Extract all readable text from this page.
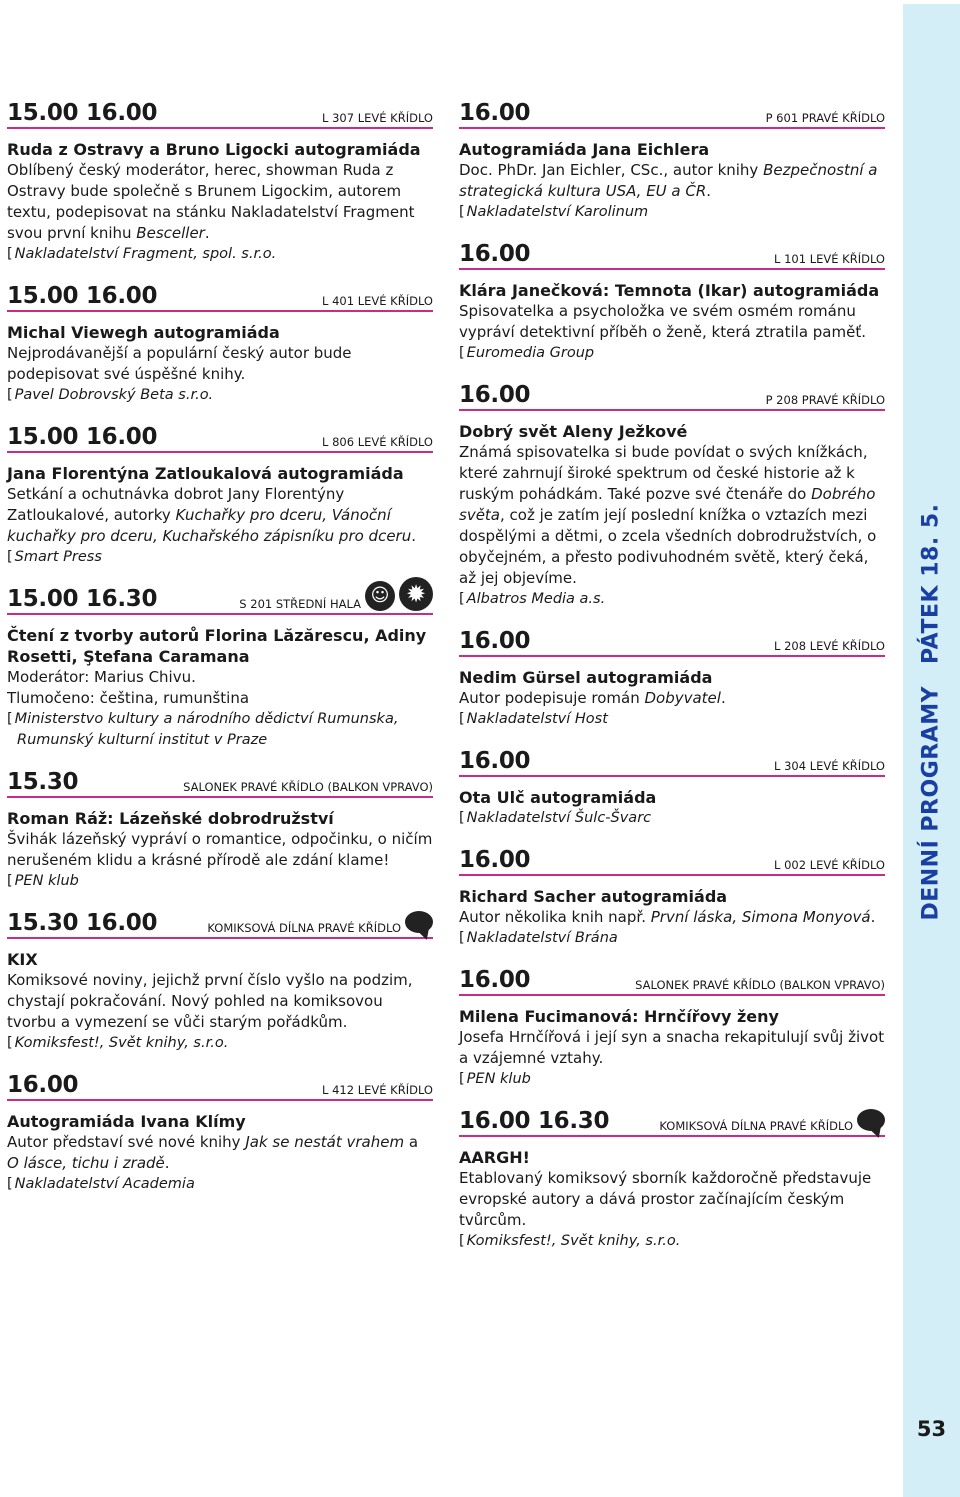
15.00 16.00	L 307 LEVÉ KŘÍDLO
Ruda z Ostravy a Bruno Ligocki autogramiáda
Oblíbený český moderátor, herec, showman Ruda z Ostravy bude společně s Brunem Ligockim, autorem textu, podepisovat na stánku Nakladatelství Fragment svou první knihu Besceller.
[ Nakladatelství Fragment, spol. s.r.o.
15.00 16.00	L 401 LEVÉ KŘÍDLO
Michal Viewegh autogramiáda
Nejprodávanější a populární český autor bude podepisovat své úspěšné knihy.
[ Pavel Dobrovský Beta s.r.o.
15.00 16.00	L 806 LEVÉ KŘÍDLO
Jana Florentýna Zatloukalová autogramiáda
Setkání a ochutnávka dobrot Jany Florentýny Zatloukalové, autorky Kuchařky pro dceru, Vánoční kuchařky pro dceru, Kuchařského zápisníku pro dceru.
[ Smart Press
15.00 16.30	S 201 STŘEDNÍ HALA ☺ ✹
Čtení z tvorby autorů Florina Lăzărescu, Adiny Rosetti, Ştefana Caramana
Moderátor: Marius Chivu.
Tlumočeno: čeština, rumunština
[ Ministerstvo kultury a národního dědictví Rumunska,
Rumunský kulturní institut v Praze
15.30	SALONEK PRAVÉ KŘÍDLO (BALKON VPRAVO)
Roman Ráž: Lázeňské dobrodružství
Švihák lázeňský vypráví o romantice, odpočinku, o ničím nerušeném klidu a krásné přírodě ale zdání klame!
[ PEN klub
15.30 16.00	KOMIKSOVÁ DÍLNA PRAVÉ KŘÍDLO
KIX
Komiksové noviny, jejichž první číslo vyšlo na podzim, chystají pokračování. Nový pohled na komiksovou tvorbu a vymezení se vůči starým pořádkům.
[ Komiksfest!, Svět knihy, s.r.o.
16.00	L 412 LEVÉ KŘÍDLO
Autogramiáda Ivana Klímy
Autor představí své nové knihy Jak se nestát vrahem a O lásce, tichu i zradě.
[ Nakladatelství Academia
16.00	P 601 PRAVÉ KŘÍDLO
Autogramiáda Jana Eichlera
Doc. PhDr. Jan Eichler, CSc., autor knihy Bezpečnostní a strategická kultura USA, EU a ČR.
[ Nakladatelství Karolinum
16.00	L 101 LEVÉ KŘÍDLO
Klára Janečková: Temnota (Ikar) autogramiáda
Spisovatelka a psycholožka ve svém osmém románu vypráví detektivní příběh o ženě, která ztratila paměť.
[ Euromedia Group
16.00	P 208 PRAVÉ KŘÍDLO
Dobrý svět Aleny Ježkové
Známá spisovatelka si bude povídat o svých knížkách, které zahrnují široké spektrum od české historie až k ruským pohádkám. Také pozve své čtenáře do Dobrého světa, což je zatím její poslední knížka o vztazích mezi dospělými a dětmi, o zcela všedních dobrodružstvích, o obyčejném, a přesto podivuhodném světě, který čeká, až jej objevíme.
[ Albatros Media a.s.
16.00	L 208 LEVÉ KŘÍDLO
Nedim Gürsel autogramiáda
Autor podepisuje román Dobyvatel.
[ Nakladatelství Host
16.00	L 304 LEVÉ KŘÍDLO
Ota Ulč autogramiáda
[ Nakladatelství Šulc-Švarc
16.00	L 002 LEVÉ KŘÍDLO
Richard Sacher autogramiáda
Autor několika knih např. První láska, Simona Monyová.
[ Nakladatelství Brána
16.00	SALONEK PRAVÉ KŘÍDLO (BALKON VPRAVO)
Milena Fucimanová: Hrnčířovy ženy
Josefa Hrnčířová i její syn a snacha rekapitulují svůj život a vzájemné vztahy.
[ PEN klub
16.00 16.30	KOMIKSOVÁ DÍLNA PRAVÉ KŘÍDLO
AARGH!
Etablovaný komiksový sborník každoročně představuje evropské autory a dává prostor začínajícím českým tvůrcům.
[ Komiksfest!, Svět knihy, s.r.o.
DENNÍ PROGRAMYPÁTEK 18. 5.
53
